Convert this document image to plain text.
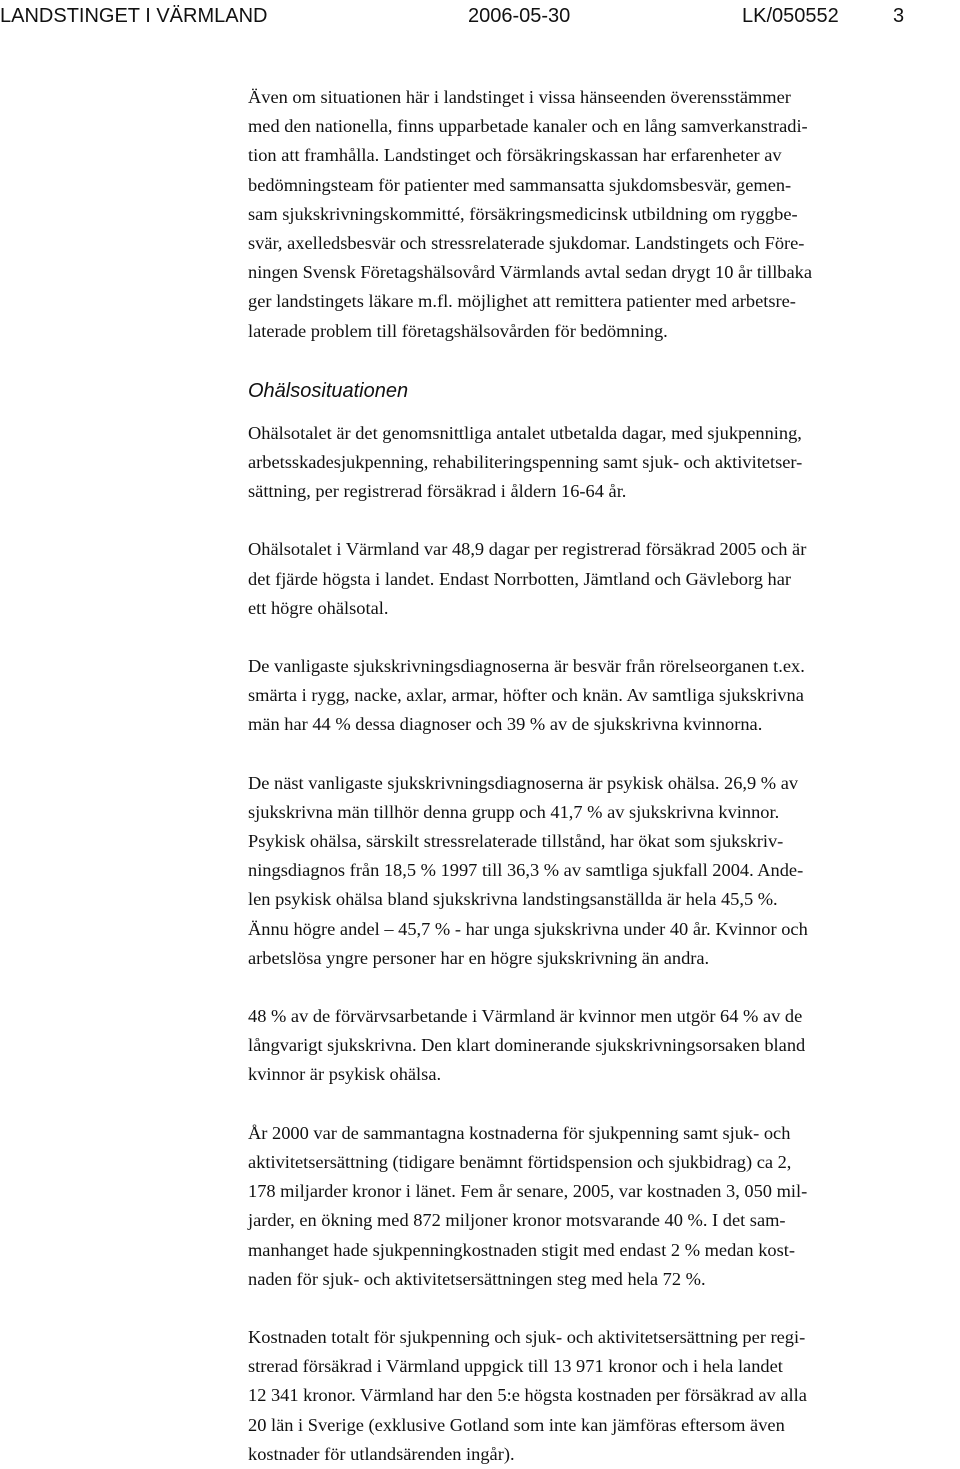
LANDSTINGET I VÄRMLAND	2006-05-30	LK/050552	3

Även om situationen här i landstinget i vissa hänseenden överensstämmer
med den nationella, finns upparbetade kanaler och en lång samverkanstradi-
tion att framhålla. Landstinget och försäkringskassan har erfarenheter av
bedömningsteam för patienter med sammansatta sjukdomsbesvär, gemen-
sam sjukskrivningskommitté, försäkringsmedicinsk utbildning om ryggbe-
svär, axelledsbesvär och stressrelaterade sjukdomar. Landstingets och Före-
ningen Svensk Företagshälsovård Värmlands avtal sedan drygt 10 år tillbaka
ger landstingets läkare m.fl. möjlighet att remittera patienter med arbetsre-
laterade problem till företagshälsovården för bedömning.

Ohälsosituationen

Ohälsotalet är det genomsnittliga antalet utbetalda dagar, med sjukpenning,
arbetsskadesjukpenning, rehabiliteringspenning samt sjuk- och aktivitetser-
sättning, per registrerad försäkrad i åldern 16-64 år.

Ohälsotalet i Värmland var 48,9 dagar per registrerad försäkrad 2005 och är
det fjärde högsta i landet. Endast Norrbotten, Jämtland och Gävleborg har
ett högre ohälsotal.

De vanligaste sjukskrivningsdiagnoserna är besvär från rörelseorganen t.ex.
smärta i rygg, nacke, axlar, armar, höfter och knän. Av samtliga sjukskrivna
män har 44 % dessa diagnoser och 39 % av de sjukskrivna kvinnorna.

De näst vanligaste sjukskrivningsdiagnoserna är psykisk ohälsa. 26,9 % av
sjukskrivna män tillhör denna grupp och 41,7 % av sjukskrivna kvinnor.
Psykisk ohälsa, särskilt stressrelaterade tillstånd, har ökat som sjukskriv-
ningsdiagnos från 18,5 % 1997 till 36,3 % av samtliga sjukfall 2004. Ande-
len psykisk ohälsa bland sjukskrivna landstingsanställda är hela 45,5 %.
Ännu högre andel – 45,7 % - har unga sjukskrivna under 40 år. Kvinnor och
arbetslösa yngre personer har en högre sjukskrivning än andra.

48 % av de förvärvsarbetande i Värmland är kvinnor men utgör 64 % av de
långvarigt sjukskrivna. Den klart dominerande sjukskrivningsorsaken bland
kvinnor är psykisk ohälsa.

År 2000 var de sammantagna kostnaderna för sjukpenning samt sjuk- och
aktivitetsersättning (tidigare benämnt förtidspension och sjukbidrag) ca 2,
178 miljarder kronor i länet. Fem år senare, 2005, var kostnaden 3, 050 mil-
jarder, en ökning med 872 miljoner kronor motsvarande 40 %. I det sam-
manhanget hade sjukpenningkostnaden stigit med endast 2 % medan kost-
naden för sjuk- och aktivitetsersättningen steg med hela 72 %.

Kostnaden totalt för sjukpenning och sjuk- och aktivitetsersättning per regi-
strerad försäkrad i Värmland uppgick till 13 971 kronor och i hela landet
12 341 kronor. Värmland har den 5:e högsta kostnaden per försäkrad av alla
20 län i Sverige (exklusive Gotland som inte kan jämföras eftersom även
kostnader för utlandsärenden ingår).
